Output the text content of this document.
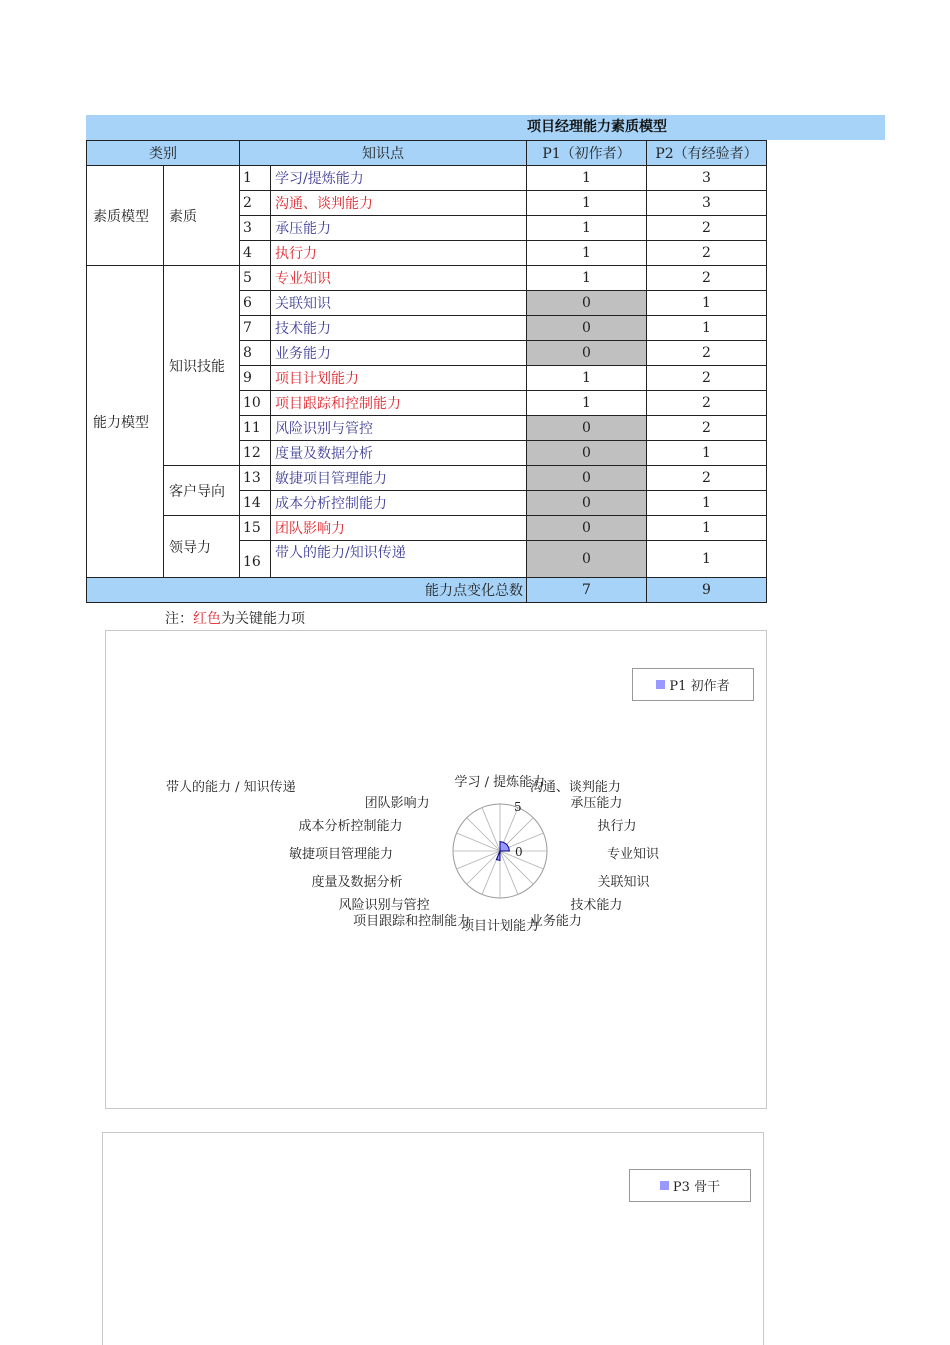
项目经理能力素质模型
类别		知识点		P1（初作者）	P2（有经验者）
素质模型	素质	1	学习/提炼能力	1	3
		2	沟通、谈判能力	1	3
		3	承压能力	1	2
		4	执行力	1	2
能力模型	知识技能	5	专业知识	1	2
		6	关联知识	0	1
		7	技术能力	0	1
		8	业务能力	0	2
		9	项目计划能力	1	2
		10	项目跟踪和控制能力	1	2
		11	风险识别与管控	0	2
		12	度量及数据分析	0	1
	客户导向	13	敏捷项目管理能力	0	2
		14	成本分析控制能力	0	1
	领导力	15	团队影响力	0	1
		16	带人的能力/知识传递	0	1
能力点变化总数				7	9
注：红色为关键能力项
P1 初作者
5
0
学习 / 提炼能力
沟通、谈判能力
承压能力
执行力
专业知识
关联知识
技术能力
业务能力
项目计划能力
项目跟踪和控制能力
风险识别与管控
度量及数据分析
敏捷项目管理能力
成本分析控制能力
团队影响力
带人的能力 / 知识传递
P3 骨干
